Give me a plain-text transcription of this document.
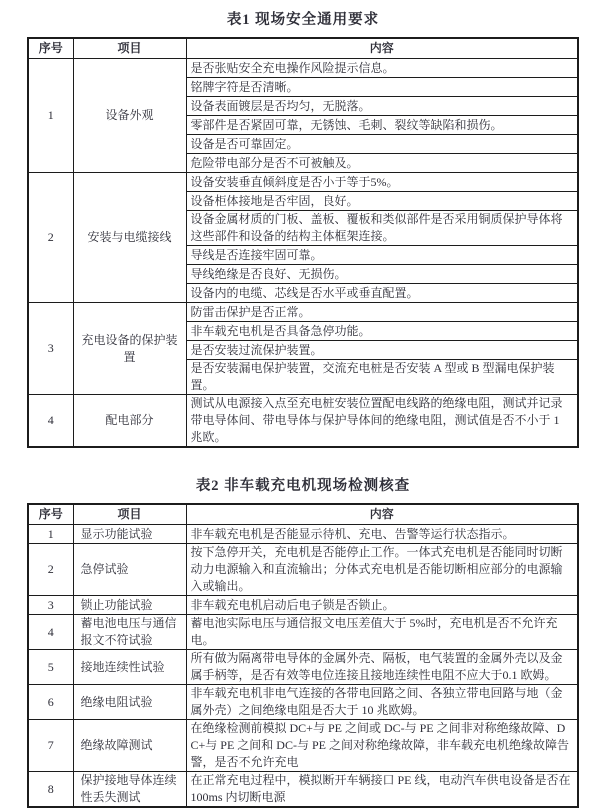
表1 现场安全通用要求
序号	项目	内容
1	设备外观	是否张贴安全充电操作风险提示信息。
		铭牌字符是否清晰。
		设备表面镀层是否均匀，无脱落。
		零部件是否紧固可靠，无锈蚀、毛刺、裂纹等缺陷和损伤。
		设备是否可靠固定。
		危险带电部分是否不可被触及。
2	安装与电缆接线	设备安装垂直倾斜度是否小于等于5%。
		设备柜体接地是否牢固，良好。
		设备金属材质的门板、盖板、覆板和类似部件是否采用铜质保护导体将这些部件和设备的结构主体框架连接。
		导线是否连接牢固可靠。
		导线绝缘是否良好、无损伤。
		设备内的电缆、芯线是否水平或垂直配置。
3	充电设备的保护装置	防雷击保护是否正常。
		非车载充电机是否具备急停功能。
		是否安装过流保护装置。
		是否安装漏电保护装置，交流充电桩是否安装 A 型或 B 型漏电保护装置。
4	配电部分	测试从电源接入点至充电桩安装位置配电线路的绝缘电阻，测试并记录带电导体间、带电导体与保护导体间的绝缘电阻，测试值是否不小于 1 兆欧。
表2 非车载充电机现场检测核查
序号	项目	内容
1	显示功能试验	非车载充电机是否能显示待机、充电、告警等运行状态指示。
2	急停试验	按下急停开关，充电机是否能停止工作。一体式充电机是否能同时切断动力电源输入和直流输出；分体式充电机是否能切断相应部分的电源输入或输出。
3	锁止功能试验	非车载充电机启动后电子锁是否锁止。
4	蓄电池电压与通信报文不符试验	蓄电池实际电压与通信报文电压差值大于 5%时，充电机是否不允许充电。
5	接地连续性试验	所有做为隔离带电导体的金属外壳、隔板，电气装置的金属外壳以及金属手柄等，是否有效等电位连接且接地连续性电阻不应大于0.1 欧姆。
6	绝缘电阻试验	非车载充电机非电气连接的各带电回路之间、各独立带电回路与地（金属外壳）之间绝缘电阻是否大于 10 兆欧姆。
7	绝缘故障测试	在绝缘检测前模拟 DC+与 PE 之间或 DC-与 PE 之间非对称绝缘故障、DC+与 PE 之间和 DC-与 PE 之间对称绝缘故障，非车载充电机绝缘故障告警，是否不允许充电
8	保护接地导体连续性丢失测试	在正常充电过程中，模拟断开车辆接口 PE 线，电动汽车供电设备是否在 100ms 内切断电源
